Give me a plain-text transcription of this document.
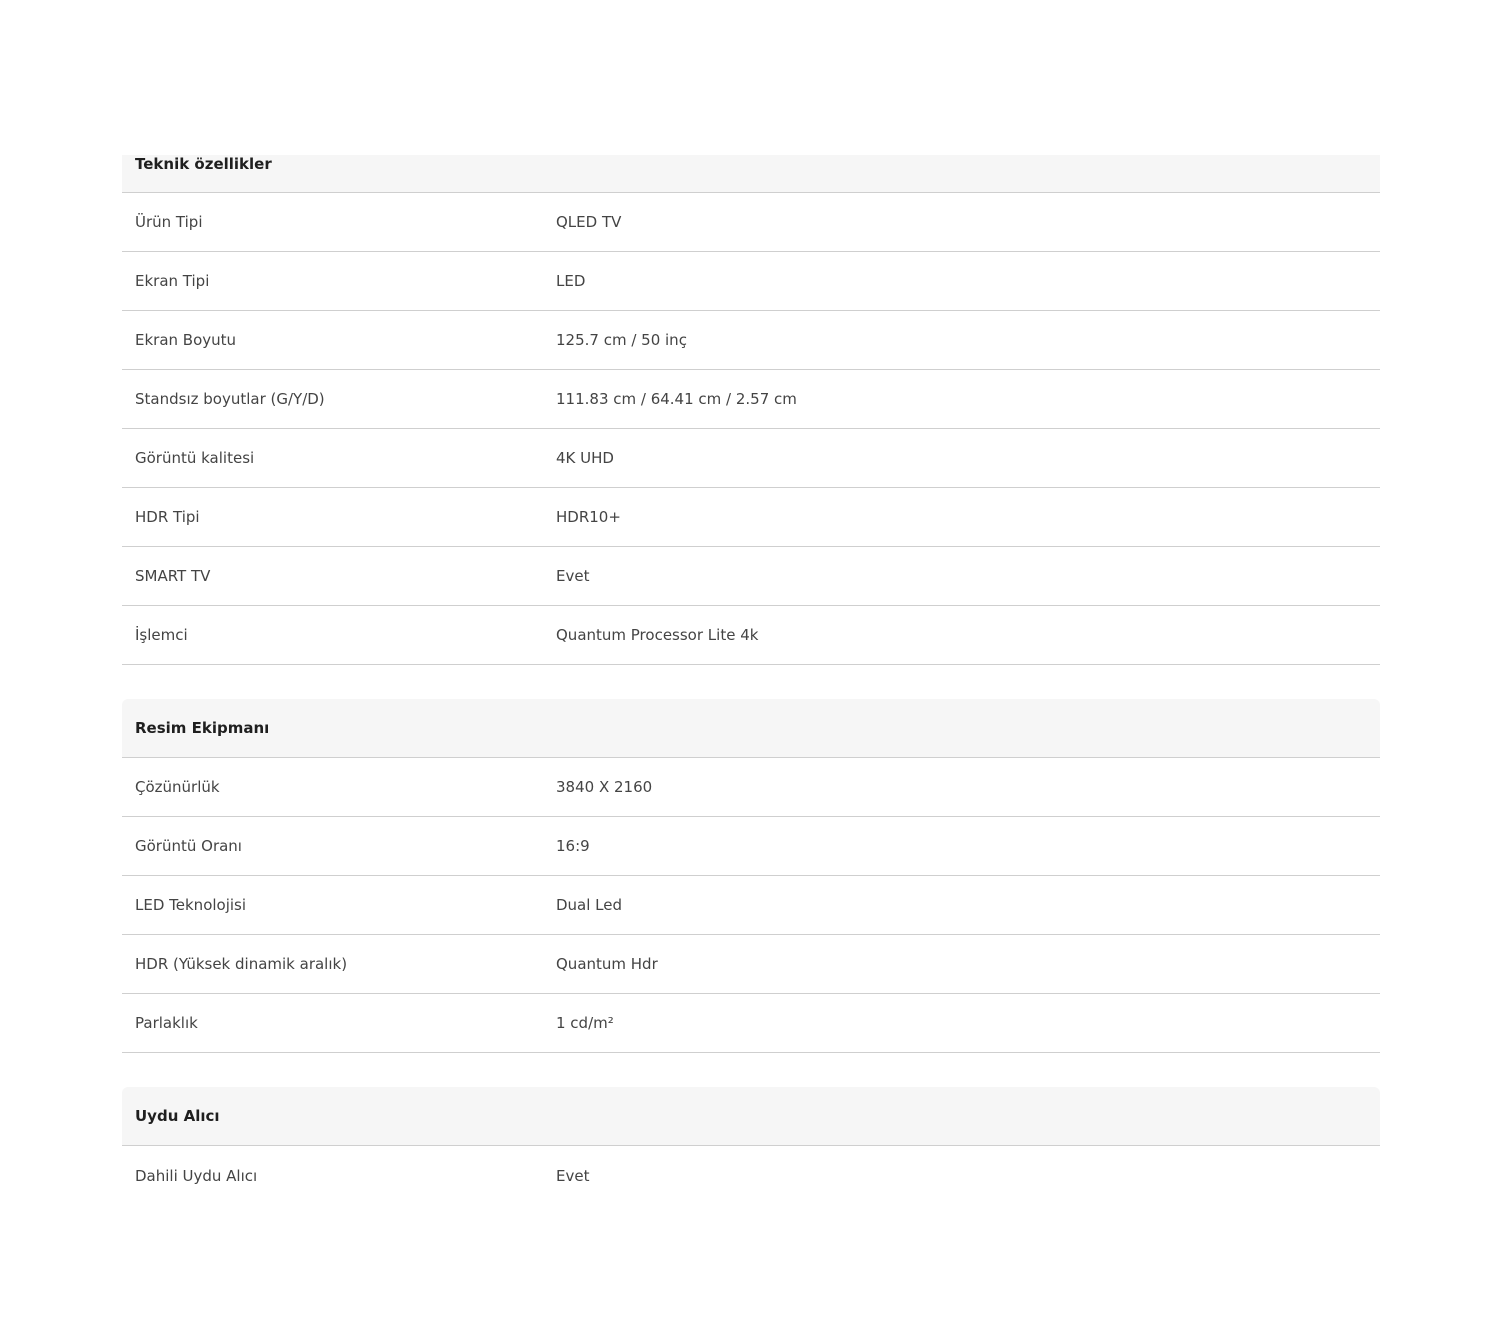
Teknik özellikler
Ürün Tipi	QLED TV
Ekran Tipi	LED
Ekran Boyutu	125.7 cm / 50 inç
Standsız boyutlar (G/Y/D)	111.83 cm / 64.41 cm / 2.57 cm
Görüntü kalitesi	4K UHD
HDR Tipi	HDR10+
SMART TV	Evet
İşlemci	Quantum Processor Lite 4k
Resim Ekipmanı
Çözünürlük	3840 X 2160
Görüntü Oranı	16:9
LED Teknolojisi	Dual Led
HDR (Yüksek dinamik aralık)	Quantum Hdr
Parlaklık	1 cd/m²
Uydu Alıcı
Dahili Uydu Alıcı	Evet
